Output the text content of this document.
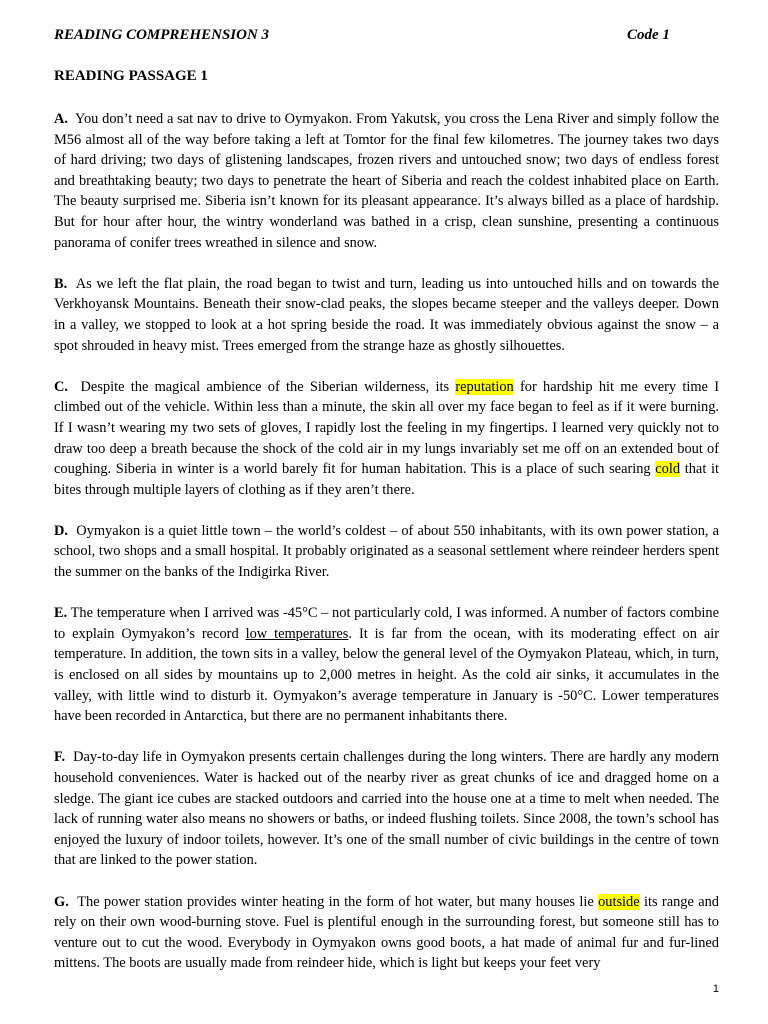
READING COMPREHENSION 3	Code 1
READING PASSAGE 1

A. You don’t need a sat nav to drive to Oymyakon. From Yakutsk, you cross the Lena River and simply follow the M56 almost all of the way before taking a left at Tomtor for the final few kilometres. The journey takes two days of hard driving; two days of glistening landscapes, frozen rivers and untouched snow; two days of endless forest and breathtaking beauty; two days to penetrate the heart of Siberia and reach the coldest inhabited place on Earth. The beauty surprised me. Siberia isn’t known for its pleasant appearance. It’s always billed as a place of hardship. But for hour after hour, the wintry wonderland was bathed in a crisp, clean sunshine, presenting a continuous panorama of conifer trees wreathed in silence and snow.

B. As we left the flat plain, the road began to twist and turn, leading us into untouched hills and on towards the Verkhoyansk Mountains. Beneath their snow-clad peaks, the slopes became steeper and the valleys deeper. Down in a valley, we stopped to look at a hot spring beside the road. It was immediately obvious against the snow – a spot shrouded in heavy mist. Trees emerged from the strange haze as ghostly silhouettes.

C. Despite the magical ambience of the Siberian wilderness, its reputation for hardship hit me every time I climbed out of the vehicle. Within less than a minute, the skin all over my face began to feel as if it were burning. If I wasn’t wearing my two sets of gloves, I rapidly lost the feeling in my fingertips. I learned very quickly not to draw too deep a breath because the shock of the cold air in my lungs invariably set me off on an extended bout of coughing. Siberia in winter is a world barely fit for human habitation. This is a place of such searing cold that it bites through multiple layers of clothing as if they aren’t there.

D. Oymyakon is a quiet little town – the world’s coldest – of about 550 inhabitants, with its own power station, a school, two shops and a small hospital. It probably originated as a seasonal settlement where reindeer herders spent the summer on the banks of the Indigirka River.

E. The temperature when I arrived was -45°C – not particularly cold, I was informed. A number of factors combine to explain Oymyakon’s record low temperatures. It is far from the ocean, with its moderating effect on air temperature. In addition, the town sits in a valley, below the general level of the Oymyakon Plateau, which, in turn, is enclosed on all sides by mountains up to 2,000 metres in height. As the cold air sinks, it accumulates in the valley, with little wind to disturb it. Oymyakon’s average temperature in January is -50°C. Lower temperatures have been recorded in Antarctica, but there are no permanent inhabitants there.

F. Day-to-day life in Oymyakon presents certain challenges during the long winters. There are hardly any modern household conveniences. Water is hacked out of the nearby river as great chunks of ice and dragged home on a sledge. The giant ice cubes are stacked outdoors and carried into the house one at a time to melt when needed. The lack of running water also means no showers or baths, or indeed flushing toilets. Since 2008, the town’s school has enjoyed the luxury of indoor toilets, however. It’s one of the small number of civic buildings in the centre of town that are linked to the power station.

G. The power station provides winter heating in the form of hot water, but many houses lie outside its range and rely on their own wood-burning stove. Fuel is plentiful enough in the surrounding forest, but someone still has to venture out to cut the wood. Everybody in Oymyakon owns good boots, a hat made of animal fur and fur-lined mittens. The boots are usually made from reindeer hide, which is light but keeps your feet very

1
